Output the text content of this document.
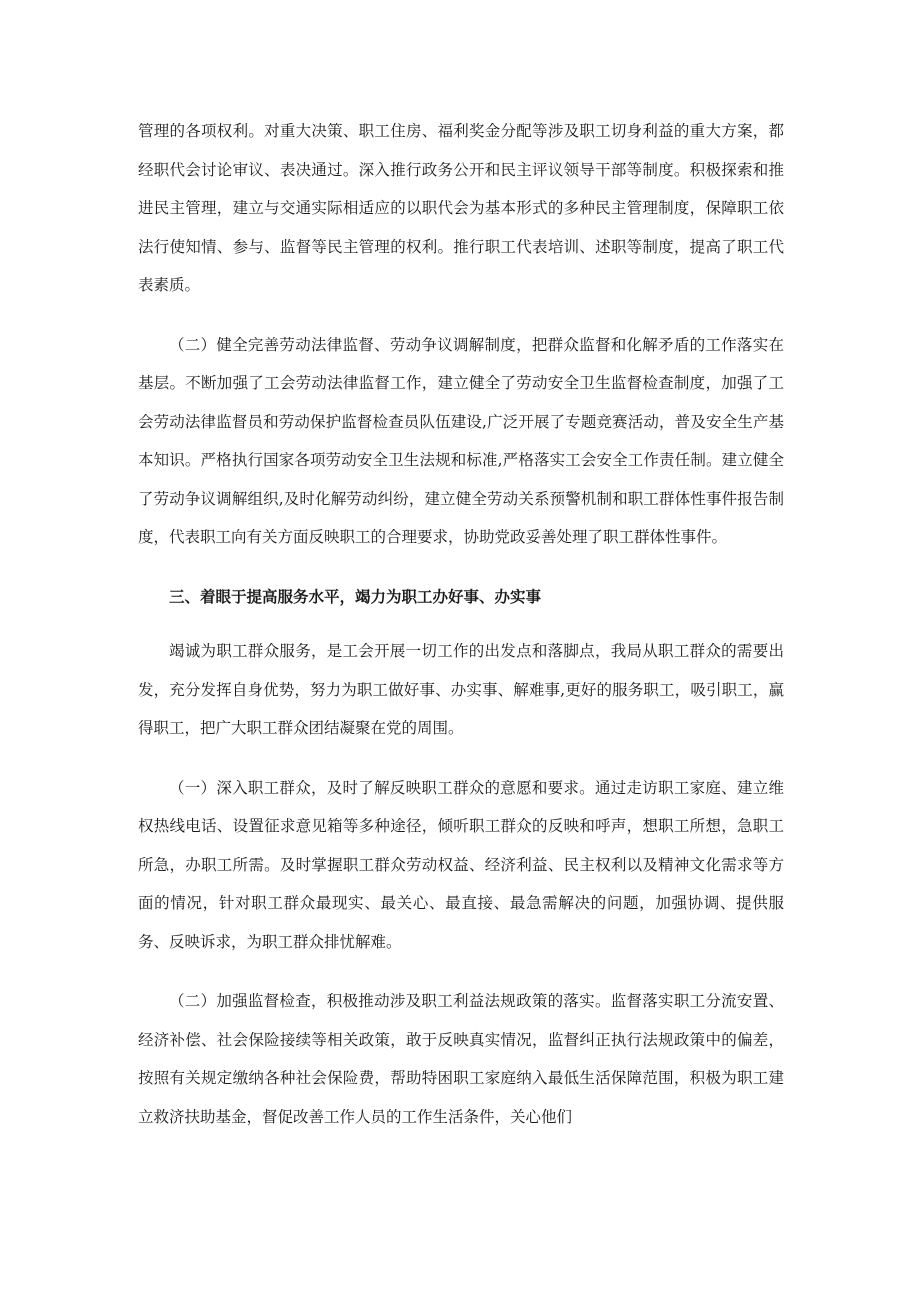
管理的各项权利。对重大决策、职工住房、福利奖金分配等涉及职工切身利益的重大方案，都经职代会讨论审议、表决通过。深入推行政务公开和民主评议领导干部等制度。积极探索和推进民主管理，建立与交通实际相适应的以职代会为基本形式的多种民主管理制度，保障职工依法行使知情、参与、监督等民主管理的权利。推行职工代表培训、述职等制度，提高了职工代表素质。

（二）健全完善劳动法律监督、劳动争议调解制度，把群众监督和化解矛盾的工作落实在基层。不断加强了工会劳动法律监督工作，建立健全了劳动安全卫生监督检查制度，加强了工会劳动法律监督员和劳动保护监督检查员队伍建设,广泛开展了专题竞赛活动，普及安全生产基本知识。严格执行国家各项劳动安全卫生法规和标准,严格落实工会安全工作责任制。建立健全了劳动争议调解组织,及时化解劳动纠纷，建立健全劳动关系预警机制和职工群体性事件报告制度，代表职工向有关方面反映职工的合理要求，协助党政妥善处理了职工群体性事件。

三、着眼于提高服务水平，竭力为职工办好事、办实事

竭诚为职工群众服务，是工会开展一切工作的出发点和落脚点，我局从职工群众的需要出发，充分发挥自身优势，努力为职工做好事、办实事、解难事,更好的服务职工，吸引职工，赢得职工，把广大职工群众团结凝聚在党的周围。

（一）深入职工群众，及时了解反映职工群众的意愿和要求。通过走访职工家庭、建立维权热线电话、设置征求意见箱等多种途径，倾听职工群众的反映和呼声，想职工所想，急职工所急，办职工所需。及时掌握职工群众劳动权益、经济利益、民主权利以及精神文化需求等方面的情况，针对职工群众最现实、最关心、最直接、最急需解决的问题，加强协调、提供服务、反映诉求，为职工群众排忧解难。

（二）加强监督检查，积极推动涉及职工利益法规政策的落实。监督落实职工分流安置、经济补偿、社会保险接续等相关政策，敢于反映真实情况，监督纠正执行法规政策中的偏差，按照有关规定缴纳各种社会保险费，帮助特困职工家庭纳入最低生活保障范围，积极为职工建立救济扶助基金，督促改善工作人员的工作生活条件，关心他们
